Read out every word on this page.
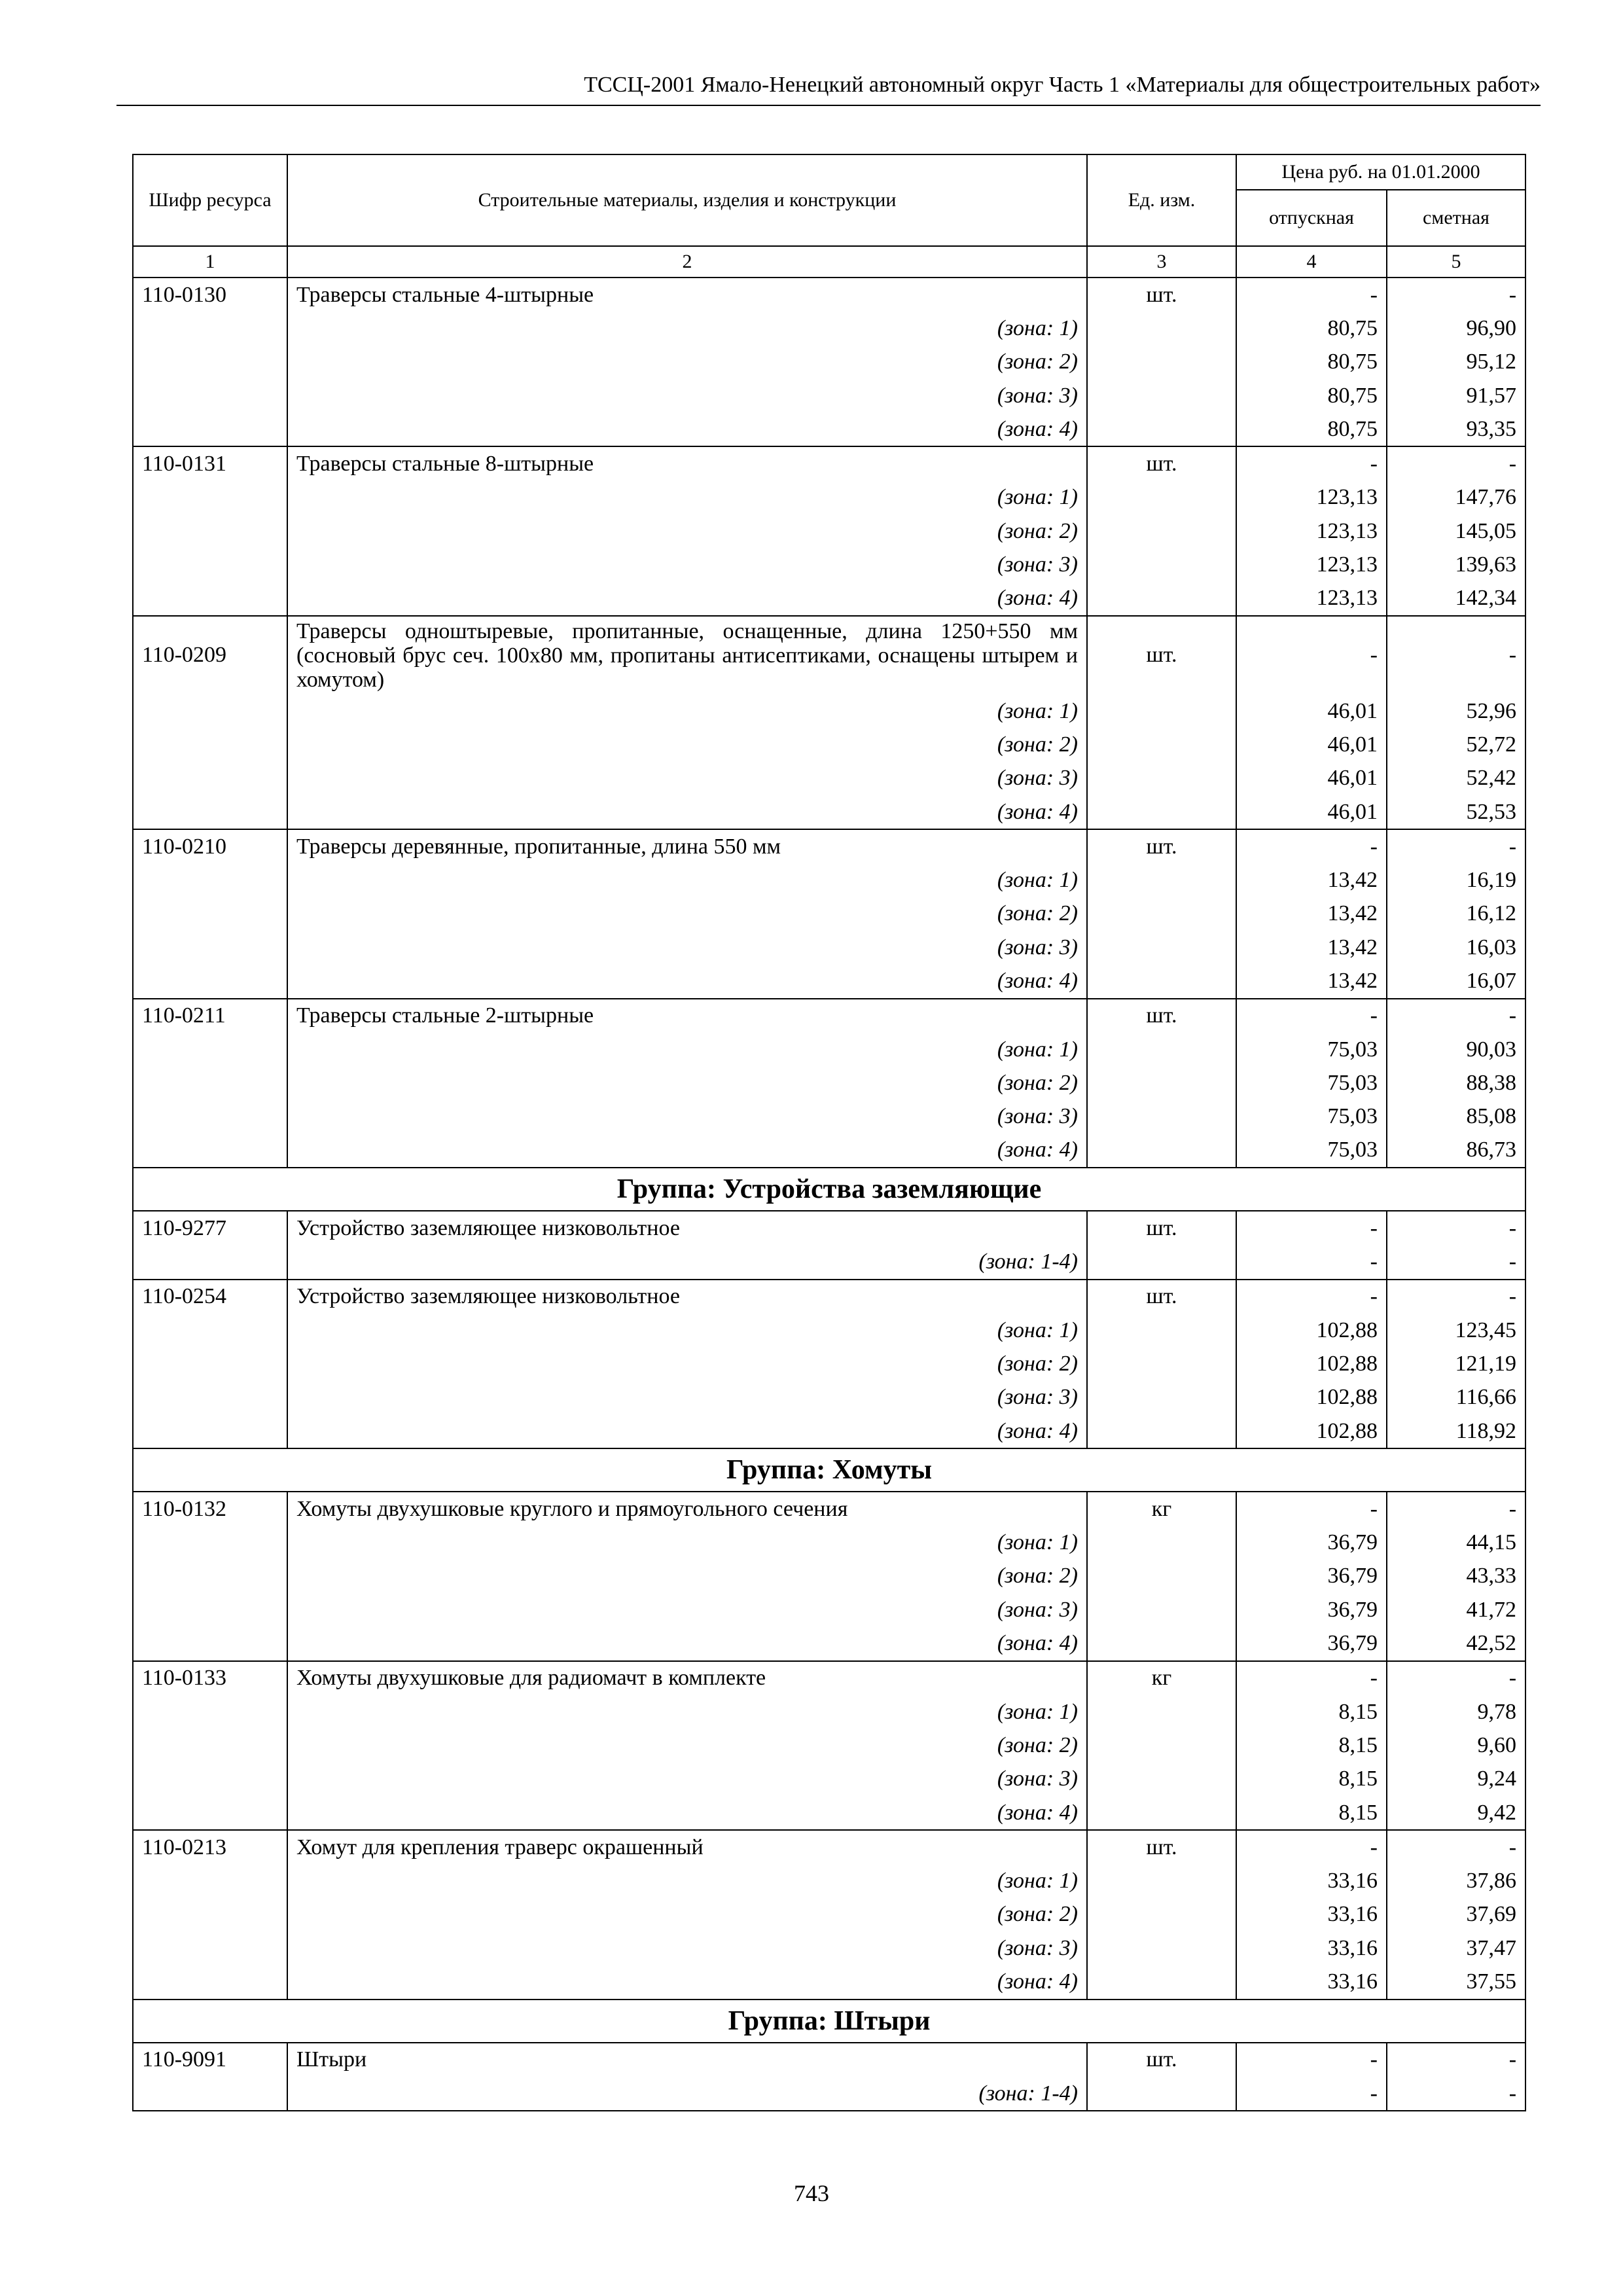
ТССЦ-2001 Ямало-Ненецкий автономный округ Часть 1 «Материалы для общестроительных работ»
Шифр ресурса	Строительные материалы, изделия и конструкции	Ед. изм.	Цена руб. на 01.01.2000	
			отпускная	сметная
1	2	3	4	5
110-0130	Траверсы стальные 4-штырные	шт.	-	-
	(зона: 1)		80,75	96,90
	(зона: 2)		80,75	95,12
	(зона: 3)		80,75	91,57
	(зона: 4)		80,75	93,35
110-0131	Траверсы стальные 8-штырные	шт.	-	-
	(зона: 1)		123,13	147,76
	(зона: 2)		123,13	145,05
	(зона: 3)		123,13	139,63
	(зона: 4)		123,13	142,34
110-0209	Траверсы одноштыревые, пропитанные, оснащенные, длина 1250+550 мм (сосновый брус сеч. 100х80 мм, пропитаны антисептиками, оснащены штырем и хомутом)	шт.	-	-
	(зона: 1)		46,01	52,96
	(зона: 2)		46,01	52,72
	(зона: 3)		46,01	52,42
	(зона: 4)		46,01	52,53
110-0210	Траверсы деревянные, пропитанные, длина 550 мм	шт.	-	-
	(зона: 1)		13,42	16,19
	(зона: 2)		13,42	16,12
	(зона: 3)		13,42	16,03
	(зона: 4)		13,42	16,07
110-0211	Траверсы стальные 2-штырные	шт.	-	-
	(зона: 1)		75,03	90,03
	(зона: 2)		75,03	88,38
	(зона: 3)		75,03	85,08
	(зона: 4)		75,03	86,73
Группа: Устройства заземляющие				
110-9277	Устройство заземляющее низковольтное	шт.	-	-
	(зона: 1-4)		-	-
110-0254	Устройство заземляющее низковольтное	шт.	-	-
	(зона: 1)		102,88	123,45
	(зона: 2)		102,88	121,19
	(зона: 3)		102,88	116,66
	(зона: 4)		102,88	118,92
Группа: Хомуты				
110-0132	Хомуты двухушковые круглого и прямоугольного сечения	кг	-	-
	(зона: 1)		36,79	44,15
	(зона: 2)		36,79	43,33
	(зона: 3)		36,79	41,72
	(зона: 4)		36,79	42,52
110-0133	Хомуты двухушковые для радиомачт в комплекте	кг	-	-
	(зона: 1)		8,15	9,78
	(зона: 2)		8,15	9,60
	(зона: 3)		8,15	9,24
	(зона: 4)		8,15	9,42
110-0213	Хомут для крепления траверс окрашенный	шт.	-	-
	(зона: 1)		33,16	37,86
	(зона: 2)		33,16	37,69
	(зона: 3)		33,16	37,47
	(зона: 4)		33,16	37,55
Группа: Штыри				
110-9091	Штыри	шт.	-	-
	(зона: 1-4)		-	-
743
